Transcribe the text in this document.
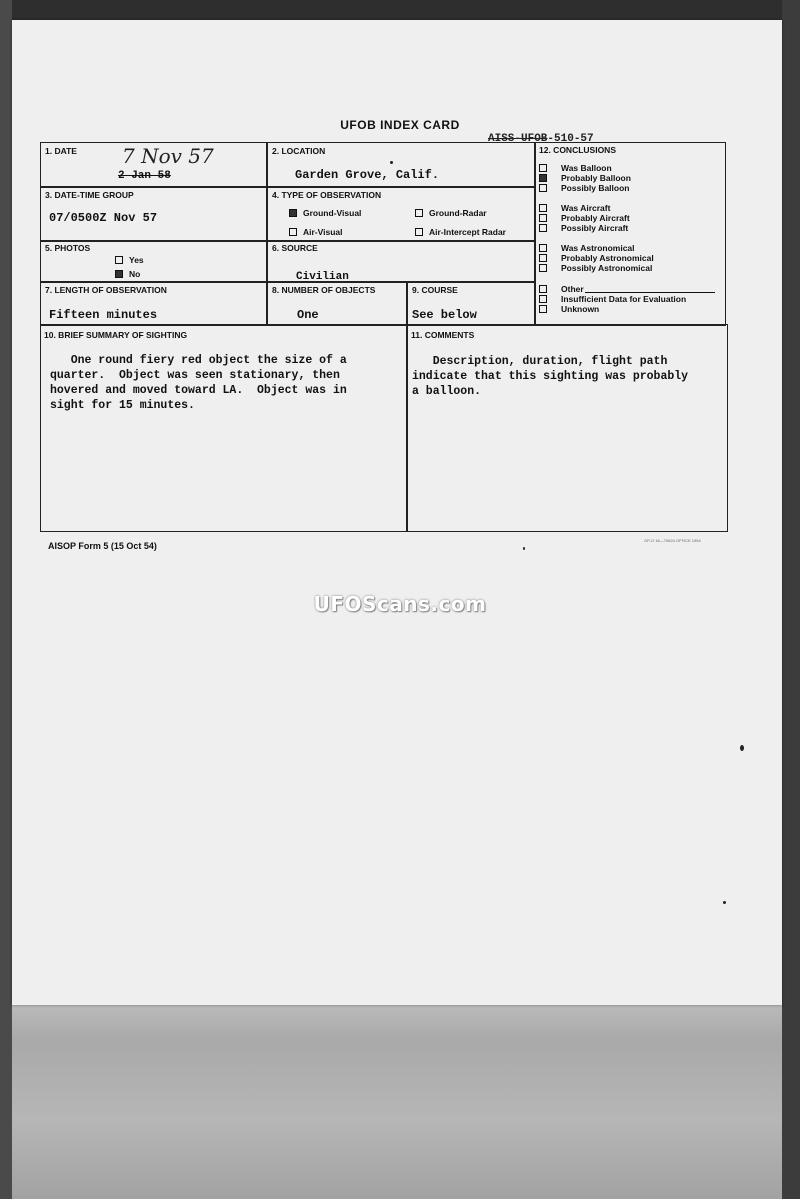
UFOB INDEX CARD
AISS-UFOB-510-57
1. DATE 7 Nov 57
2 Jan 58
2. LOCATION
Garden Grove, Calif.
3. DATE-TIME GROUP
07/0500Z Nov 57
4. TYPE OF OBSERVATION
Ground-Visual	Ground-Radar
Air-Visual	Air-Intercept Radar
5. PHOTOS
Yes
No
6. SOURCE
Civilian
7. LENGTH OF OBSERVATION
Fifteen minutes
8. NUMBER OF OBJECTS
One
9. COURSE
See below
12. CONCLUSIONS
Was Balloon
Probably Balloon
Possibly Balloon
Was Aircraft
Probably Aircraft
Possibly Aircraft
Was Astronomical
Probably Astronomical
Possibly Astronomical
Other
Insufficient Data for Evaluation
Unknown
10. BRIEF SUMMARY OF SIGHTING
One round fiery red object the size of a
quarter.  Object was seen stationary, then
hovered and moved toward LA.  Object was in
sight for 15 minutes.
11. COMMENTS
Description, duration, flight path
indicate that this sighting was probably
a balloon.
AISOP Form 5 (15 Oct 54)
GP-O 16—70624 OFFICE 1954
UFOScans.com
